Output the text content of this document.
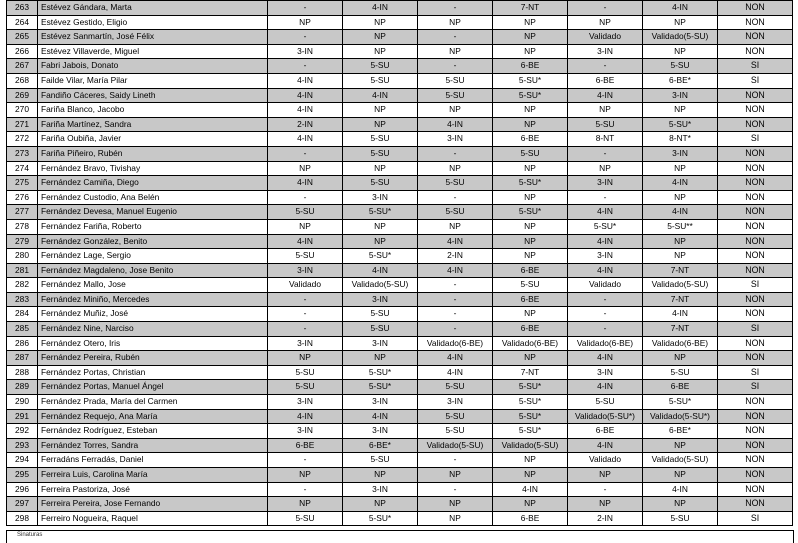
263	Estévez Gándara, Marta	-	4-IN	-	7-NT	-	4-IN	NON
264	Estévez Gestido, Eligio	NP	NP	NP	NP	NP	NP	NON
265	Estévez Sanmartín, José Félix	-	NP	-	NP	Validado	Validado(5-SU)	NON
266	Estévez Villaverde, Miguel	3-IN	NP	NP	NP	3-IN	NP	NON
267	Fabri Jabois, Donato	-	5-SU	-	6-BE	-	5-SU	SI
268	Failde Vilar, María Pilar	4-IN	5-SU	5-SU	5-SU*	6-BE	6-BE*	SI
269	Fandiño Cáceres, Saidy Lineth	4-IN	4-IN	5-SU	5-SU*	4-IN	3-IN	NON
270	Fariña Blanco, Jacobo	4-IN	NP	NP	NP	NP	NP	NON
271	Fariña Martínez, Sandra	2-IN	NP	4-IN	NP	5-SU	5-SU*	NON
272	Fariña Oubiña, Javier	4-IN	5-SU	3-IN	6-BE	8-NT	8-NT*	SI
273	Fariña Piñeiro, Rubén	-	5-SU	-	5-SU	-	3-IN	NON
274	Fernández Bravo, Tivishay	NP	NP	NP	NP	NP	NP	NON
275	Fernández Camiña, Diego	4-IN	5-SU	5-SU	5-SU*	3-IN	4-IN	NON
276	Fernández Custodio, Ana Belén	-	3-IN	-	NP	-	NP	NON
277	Fernández Devesa, Manuel Eugenio	5-SU	5-SU*	5-SU	5-SU*	4-IN	4-IN	NON
278	Fernández Fariña, Roberto	NP	NP	NP	NP	5-SU*	5-SU**	NON
279	Fernández González, Benito	4-IN	NP	4-IN	NP	4-IN	NP	NON
280	Fernández Lage, Sergio	5-SU	5-SU*	2-IN	NP	3-IN	NP	NON
281	Fernández Magdaleno, Jose Benito	3-IN	4-IN	4-IN	6-BE	4-IN	7-NT	NON
282	Fernández Mallo, Jose	Validado	Validado(5-SU)	-	5-SU	Validado	Validado(5-SU)	SI
283	Fernández Miniño, Mercedes	-	3-IN	-	6-BE	-	7-NT	NON
284	Fernández Muñiz, José	-	5-SU	-	NP	-	4-IN	NON
285	Fernández Nine, Narciso	-	5-SU	-	6-BE	-	7-NT	SI
286	Fernández Otero, Iris	3-IN	3-IN	Validado(6-BE)	Validado(6-BE)	Validado(6-BE)	Validado(6-BE)	NON
287	Fernández Pereira, Rubén	NP	NP	4-IN	NP	4-IN	NP	NON
288	Fernández Portas, Christian	5-SU	5-SU*	4-IN	7-NT	3-IN	5-SU	SI
289	Fernández Portas, Manuel Ángel	5-SU	5-SU*	5-SU	5-SU*	4-IN	6-BE	SI
290	Fernández Prada, María del Carmen	3-IN	3-IN	3-IN	5-SU*	5-SU	5-SU*	NON
291	Fernández Requejo, Ana María	4-IN	4-IN	5-SU	5-SU*	Validado(5-SU*)	Validado(5-SU*)	NON
292	Fernández Rodríguez, Esteban	3-IN	3-IN	5-SU	5-SU*	6-BE	6-BE*	NON
293	Fernández Torres, Sandra	6-BE	6-BE*	Validado(5-SU)	Validado(5-SU)	4-IN	NP	NON
294	Ferradáns Ferradás, Daniel	-	5-SU	-	NP	Validado	Validado(5-SU)	NON
295	Ferreira Luis, Carolina María	NP	NP	NP	NP	NP	NP	NON
296	Ferreira Pastoriza, José	-	3-IN	-	4-IN	-	4-IN	NON
297	Ferreira Pereira, Jose Fernando	NP	NP	NP	NP	NP	NP	NON
298	Ferreiro Nogueira, Raquel	5-SU	5-SU*	NP	6-BE	2-IN	5-SU	SI
Sinaturas
